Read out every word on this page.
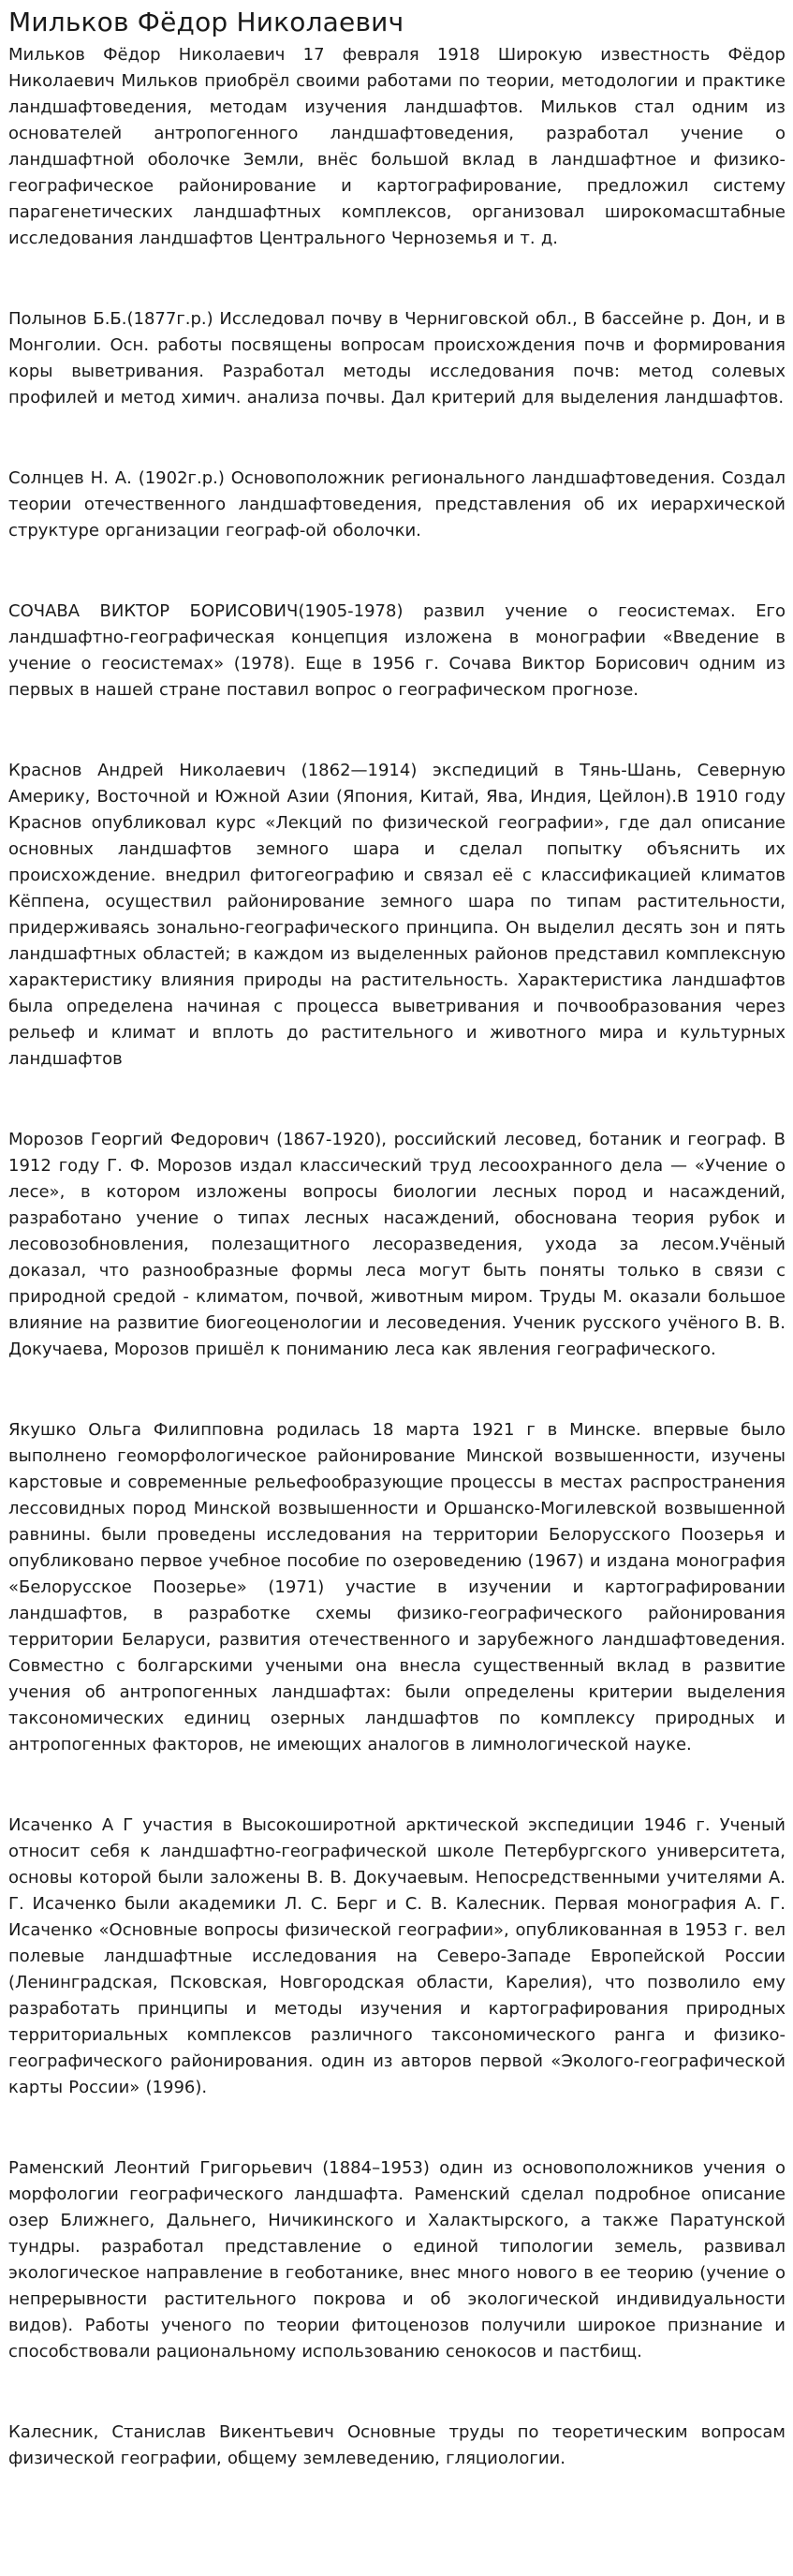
Мильков Фёдор Николаевич

Мильков Фёдор Николаевич 17 февраля 1918 Широкую известность Фёдор Николаевич Мильков приобрёл своими работами по теории, методологии и практике ландшафтоведения, методам изучения ландшафтов. Мильков стал одним из основателей антропогенного ландшафтоведения, разработал учение о ландшафтной оболочке Земли, внёс большой вклад в ландшафтное и физико-географическое районирование и картографирование, предложил систему парагенетических ландшафтных комплексов, организовал широкомасштабные исследования ландшафтов Центрального Черноземья и т. д.

Полынов Б.Б.(1877г.р.) Исследовал почву в Черниговской обл., В бассейне р. Дон, и в Монголии. Осн. работы посвящены вопросам происхождения почв и формирования коры выветривания. Разработал методы исследования почв: метод солевых профилей и метод химич. анализа почвы. Дал критерий для выделения ландшафтов.

Солнцев Н. А. (1902г.р.) Основоположник регионального ландшафтоведения. Создал теории отечественного ландшафтоведения, представления об их иерархической структуре организации географ-ой оболочки.

СОЧАВА ВИКТОР БОРИСОВИЧ(1905-1978) развил учение о геосистемах. Его ландшафтно-географическая концепция изложена в монографии «Введение в учение о геосистемах» (1978). Еще в 1956 г. Сочава Виктор Борисович одним из первых в нашей стране поставил вопрос о географическом прогнозе.

Краснов Андрей Николаевич (1862—1914) экспедиций в Тянь-Шань, Северную Америку, Восточной и Южной Азии (Япония, Китай, Ява, Индия, Цейлон).В 1910 году Краснов опубликовал курс «Лекций по физической географии», где дал описание основных ландшафтов земного шара и сделал попытку объяснить их происхождение. внедрил фитогеографию и связал её с классификацией климатов Кёппена, осуществил районирование земного шара по типам растительности, придерживаясь зонально-географического принципа. Он выделил десять зон и пять ландшафтных областей; в каждом из выделенных районов представил комплексную характеристику влияния природы на растительность. Характеристика ландшафтов была определена начиная с процесса выветривания и почвообразования через рельеф и климат и вплоть до растительного и животного мира и культурных ландшафтов

Морозов Георгий Федорович (1867-1920), российский лесовед, ботаник и географ. В 1912 году Г. Ф. Морозов издал классический труд лесоохранного дела — «Учение о лесе», в котором изложены вопросы биологии лесных пород и насаждений, разработано учение о типах лесных насаждений, обоснована теория рубок и лесовозобновления, полезащитного лесоразведения, ухода за лесом.Учёный доказал, что разнообразные формы леса могут быть поняты только в связи с природной средой - климатом, почвой, животным миром. Труды М. оказали большое влияние на развитие биогеоценологии и лесоведения. Ученик русского учёного В. В. Докучаева, Морозов пришёл к пониманию леса как явления географического.

Якушко Ольга Филипповна родилась 18 марта 1921 г в Минске. впервые было выполнено геоморфологическое районирование Минской возвышенности, изучены карстовые и современные рельефообразующие процессы в местах распространения лессовидных пород Минской возвышенности и Оршанско-Могилевской возвышенной равнины. были проведены исследования на территории Белорусского Поозерья и опубликовано первое учебное пособие по озероведению (1967) и издана монография «Белорусское Поозерье» (1971) участие в изучении и картографировании ландшафтов, в разработке схемы физико-географического районирования территории Беларуси, развития отечественного и зарубежного ландшафтоведения. Совместно с болгарскими учеными она внесла существенный вклад в развитие учения об антропогенных ландшафтах: были определены критерии выделения таксономических единиц озерных ландшафтов по комплексу природных и антропогенных факторов, не имеющих аналогов в лимнологической науке.

Исаченко А Г участия в Высокоширотной арктической экспедиции 1946 г. Ученый относит себя к ландшафтно-географической школе Петербургского университета, основы которой были заложены В. В. Докучаевым. Непосредственными учителями А. Г. Исаченко были академики Л. С. Берг и С. В. Калесник. Первая монография А. Г. Исаченко «Основные вопросы физической географии», опубликованная в 1953 г. вел полевые ландшафтные исследования на Северо-Западе Европейской России (Ленинградская, Псковская, Новгородская области, Карелия), что позволило ему разработать принципы и методы изучения и картографирования природных территориальных комплексов различного таксономического ранга и физико-географического районирования. один из авторов первой «Эколого-географической карты России» (1996).

Раменский Леонтий Григорьевич (1884–1953) один из основоположников учения о морфологии географического ландшафта. Раменский сделал подробное описание озер Ближнего, Дальнего, Ничикинского и Халактырского, а также Паратунской тундры. разработал представление о единой типологии земель, развивал экологическое направление в геоботанике, внес много нового в ее теорию (учение о непрерывности растительного покрова и об экологической индивидуальности видов). Работы ученого по теории фитоценозов получили широкое признание и способствовали рациональному использованию сенокосов и пастбищ.

Калесник, Станислав Викентьевич Основные труды по теоретическим вопросам физической географии, общему землеведению, гляциологии.
